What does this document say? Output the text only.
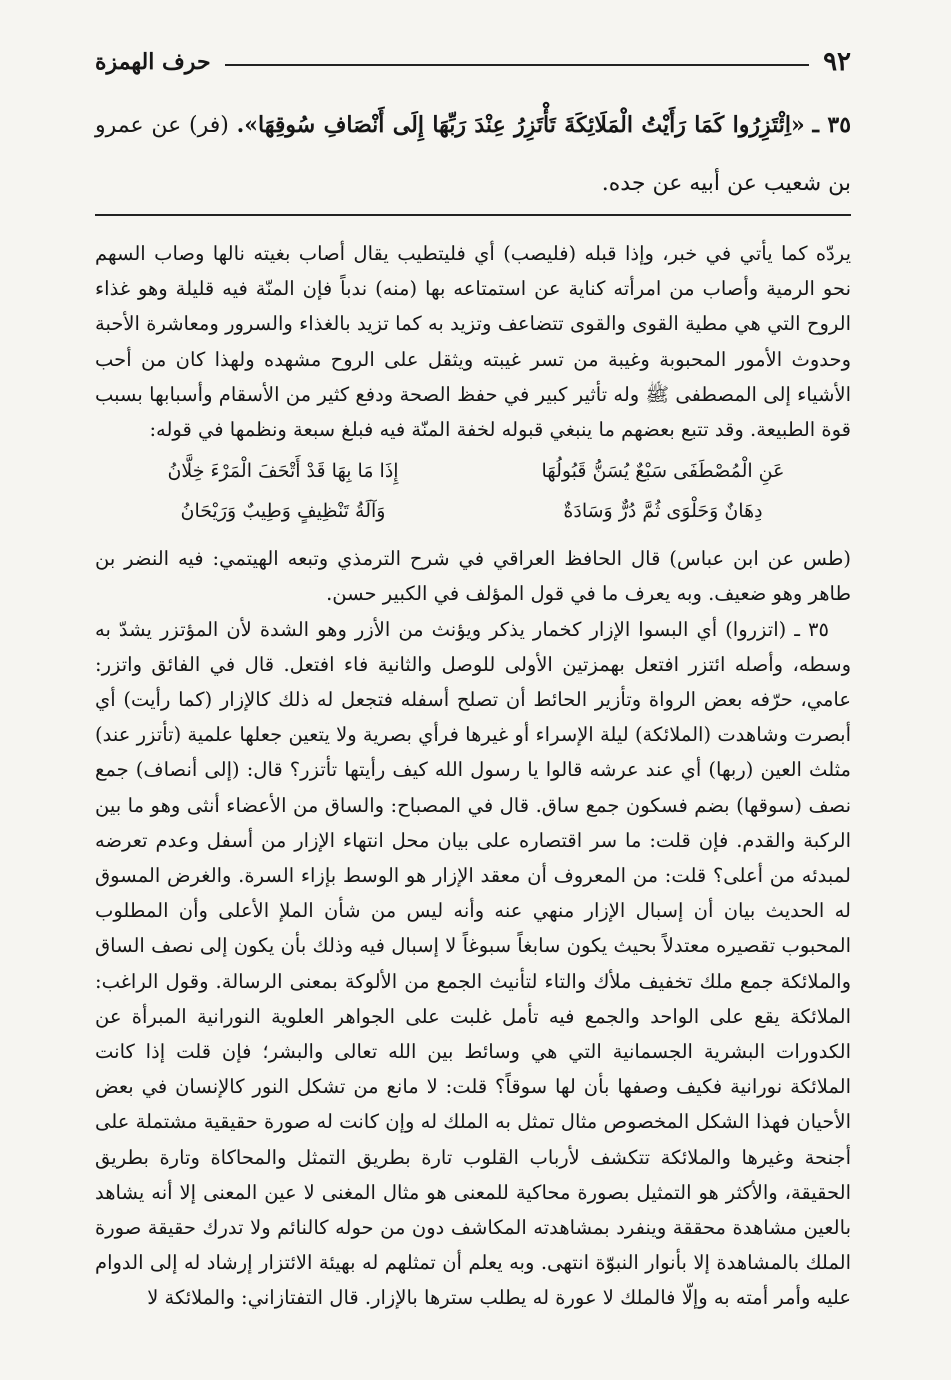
٩٢
حرف الهمزة
٣٥ ـ «اِئْتَزِرُوا كَمَا رَأَيْتُ الْمَلَائِكَةَ تَأْتَزِرُ عِنْدَ رَبِّهَا إِلَى أَنْصَافِ سُوقِهَا». (فر) عن عمرو بن شعيب عن أبيه عن جده.

يردّه كما يأتي في خبر، وإذا قبله (فليصب) أي فليتطيب يقال أصاب بغيته نالها وصاب السهم نحو الرمية وأصاب من امرأته كناية عن استمتاعه بها (منه) ندباً فإن المنّة فيه قليلة وهو غذاء الروح التي هي مطية القوى والقوى تتضاعف وتزيد به كما تزيد بالغذاء والسرور ومعاشرة الأحبة وحدوث الأمور المحبوبة وغيبة من تسر غيبته ويثقل على الروح مشهده ولهذا كان من أحب الأشياء إلى المصطفى ﷺ وله تأثير كبير في حفظ الصحة ودفع كثير من الأسقام وأسبابها بسبب قوة الطبيعة. وقد تتبع بعضهم ما ينبغي قبوله لخفة المنّة فيه فبلغ سبعة ونظمها في قوله:

عَنِ الْمُصْطَفَى سَبْعٌ يُسَنُّ قَبُولُهَا
إِذَا مَا بِهَا قَدْ أَتْحَفَ الْمَرْءَ خِلَّانُ
دِهَانٌ وَحَلْوَى ثُمَّ دُرٌّ وَسَادَةٌ
وَآلَةُ تَنْظِيفٍ وَطِيبٌ وَرَيْحَانُ

(طس عن ابن عباس) قال الحافظ العراقي في شرح الترمذي وتبعه الهيتمي: فيه النضر بن طاهر وهو ضعيف. وبه يعرف ما في قول المؤلف في الكبير حسن.

٣٥ ـ (اتزروا) أي البسوا الإزار كخمار يذكر ويؤنث من الأزر وهو الشدة لأن المؤتزر يشدّ به وسطه، وأصله ائتزر افتعل بهمزتين الأولى للوصل والثانية فاء افتعل. قال في الفائق واتزر: عامي، حرّفه بعض الرواة وتأزير الحائط أن تصلح أسفله فتجعل له ذلك كالإزار (كما رأيت) أي أبصرت وشاهدت (الملائكة) ليلة الإسراء أو غيرها فرأي بصرية ولا يتعين جعلها علمية (تأتزر عند) مثلث العين (ربها) أي عند عرشه قالوا يا رسول الله كيف رأيتها تأتزر؟ قال: (إلى أنصاف) جمع نصف (سوقها) بضم فسكون جمع ساق. قال في المصباح: والساق من الأعضاء أنثى وهو ما بين الركبة والقدم. فإن قلت: ما سر اقتصاره على بيان محل انتهاء الإزار من أسفل وعدم تعرضه لمبدئه من أعلى؟ قلت: من المعروف أن معقد الإزار هو الوسط بإزاء السرة. والغرض المسوق له الحديث بيان أن إسبال الإزار منهي عنه وأنه ليس من شأن الملإ الأعلى وأن المطلوب المحبوب تقصيره معتدلاً بحيث يكون سابغاً سبوغاً لا إسبال فيه وذلك بأن يكون إلى نصف الساق والملائكة جمع ملك تخفيف ملأك والتاء لتأنيث الجمع من الألوكة بمعنى الرسالة. وقول الراغب: الملائكة يقع على الواحد والجمع فيه تأمل غلبت على الجواهر العلوية النورانية المبرأة عن الكدورات البشرية الجسمانية التي هي وسائط بين الله تعالى والبشر؛ فإن قلت إذا كانت الملائكة نورانية فكيف وصفها بأن لها سوقاً؟ قلت: لا مانع من تشكل النور كالإنسان في بعض الأحيان فهذا الشكل المخصوص مثال تمثل به الملك له وإن كانت له صورة حقيقية مشتملة على أجنحة وغيرها والملائكة تتكشف لأرباب القلوب تارة بطريق التمثل والمحاكاة وتارة بطريق الحقيقة، والأكثر هو التمثيل بصورة محاكية للمعنى هو مثال المغنى لا عين المعنى إلا أنه يشاهد بالعين مشاهدة محققة وينفرد بمشاهدته المكاشف دون من حوله كالنائم ولا تدرك حقيقة صورة الملك بالمشاهدة إلا بأنوار النبوّة انتهى. وبه يعلم أن تمثلهم له بهيئة الائتزار إرشاد له إلى الدوام عليه وأمر أمته به وإلّا فالملك لا عورة له يطلب سترها بالإزار. قال التفتازاني: والملائكة لا
